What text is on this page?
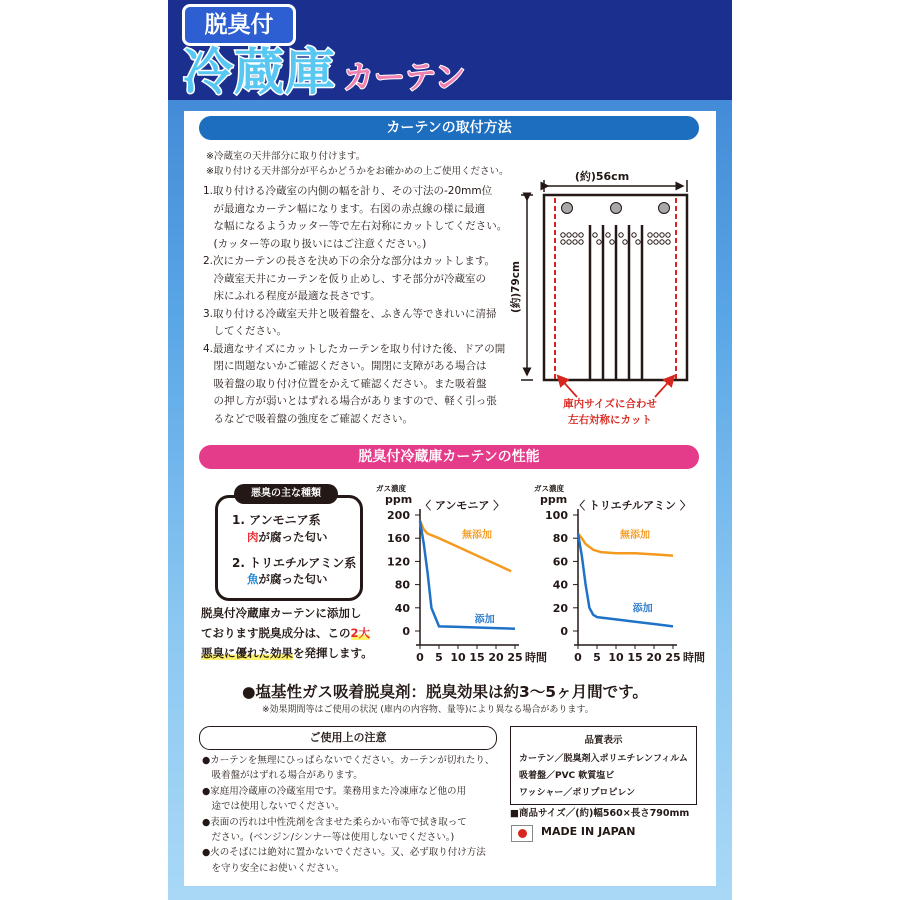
脱臭付
冷蔵庫 カーテン
カーテンの取付方法
※冷蔵室の天井部分に取り付けます。
※取り付ける天井部分が平らかどうかをお確かめの上ご使用ください。

1.取り付ける冷蔵室の内側の幅を計り、その寸法の-20mm位

　が最適なカーテン幅になります。右図の赤点線の様に最適

　な幅になるようカッター等で左右対称にカットしてください。

　(カッター等の取り扱いにはご注意ください。)

2.次にカーテンの長さを決め下の余分な部分はカットします。

　冷蔵室天井にカーテンを仮り止めし、すそ部分が冷蔵室の

　床にふれる程度が最適な長さです。

3.取り付ける冷蔵室天井と吸着盤を、ふきん等できれいに清掃

　してください。

4.最適なサイズにカットしたカーテンを取り付けた後、ドアの開

　閉に問題ないかご確認ください。開閉に支障がある場合は

　吸着盤の取り付け位置をかえて確認ください。また吸着盤

　の押し方が弱いとはずれる場合がありますので、軽く引っ張

　るなどで吸着盤の強度をご確認ください。

(約)56cm
(約)79cm
庫内サイズに合わせ
左右対称にカット
脱臭付冷蔵庫カーテンの性能
悪臭の主な種類
1. アンモニア系
肉が腐った匂い
2. トリエチルアミン系
魚が腐った匂い

脱臭付冷蔵庫カーテンに添加し

ております脱臭成分は、この2大

悪臭に優れた効果を発揮します。

ガス濃度
ppm 〈 アンモニア 〉
0
40
80
120
160
200
0 5 10 15 20 25 時間
無添加
添加
ガス濃度
ppm 〈 トリエチルアミン 〉
0
20
40
60
80
100
0 5 10 15 20 25 時間
無添加
添加
●塩基性ガス吸着脱臭剤：脱臭効果は約3〜5ヶ月間です。
※効果期間等はご使用の状況 (庫内の内容物、量等)により異なる場合があります。
ご使用上の注意

●カーテンを無理にひっぱらないでください。カーテンが切れたり、

　吸着盤がはずれる場合があります。

●家庭用冷蔵庫の冷蔵室用です。業務用また冷凍庫など他の用

　途では使用しないでください。

●表面の汚れは中性洗剤を含ませた柔らかい布等で拭き取って

　ださい。(ベンジン/シンナー等は使用しないでください。)

●火のそばには絶対に置かないでください。又、必ず取り付け方法

　を守り安全にお使いください。

品質表示
カーテン／脱臭剤入ポリエチレンフィルム
吸着盤／PVC 軟質塩ビ
ワッシャー／ポリプロピレン
■商品サイズ／(約)幅560×長さ790mm
MADE IN JAPAN
